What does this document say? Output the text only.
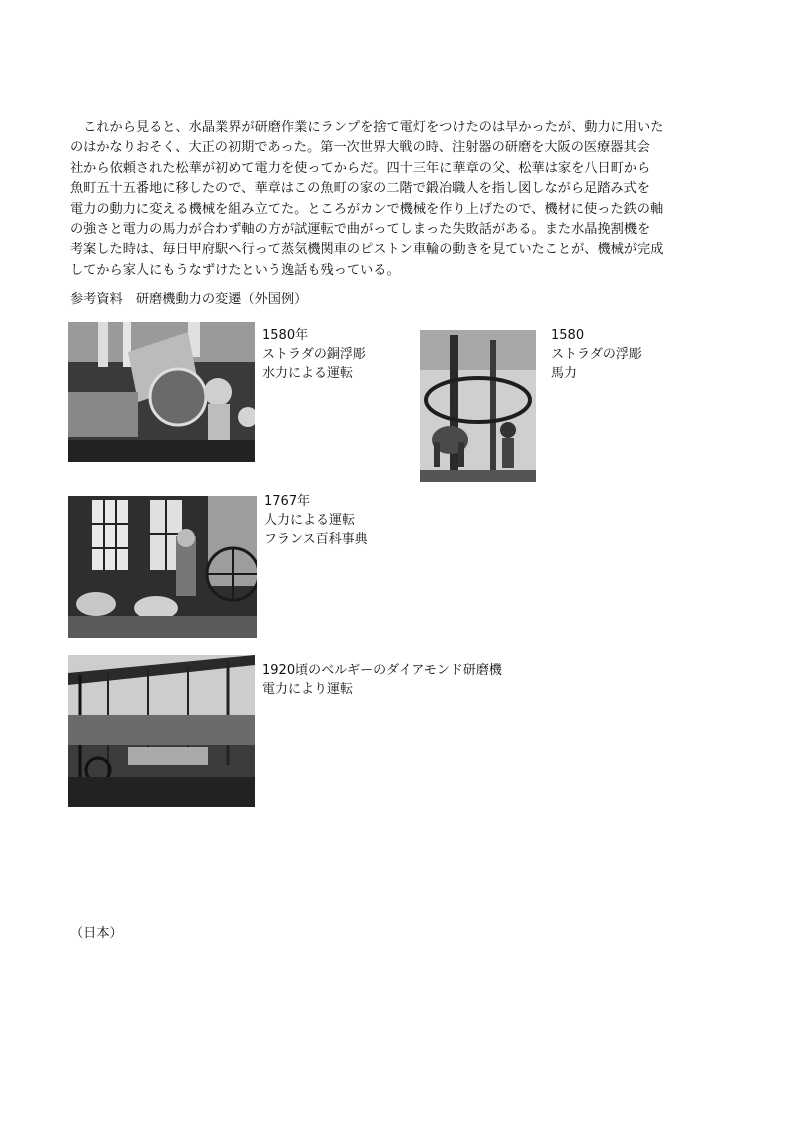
　これから見ると、水晶業界が研磨作業にランプを捨て電灯をつけたのは早かったが、動力に用いた
のはかなりおそく、大正の初期であった。第一次世界大戦の時、注射器の研磨を大阪の医療器其会
社から依頼された松華が初めて電力を使ってからだ。四十三年に華章の父、松華は家を八日町から
魚町五十五番地に移したので、華章はこの魚町の家の二階で鍛冶職人を指し図しながら足踏み式を
電力の動力に変える機械を組み立てた。ところがカンで機械を作り上げたので、機材に使った鉄の軸
の強さと電力の馬力が合わず軸の方が試運転で曲がってしまった失敗話がある。また水晶挽割機を
考案した時は、毎日甲府駅へ行って蒸気機関車のピストン車輪の動きを見ていたことが、機械が完成
してから家人にもうなずけたという逸話も残っている。
参考資料　研磨機動力の変遷（外国例）
1580年
ストラダの銅浮彫
水力による運転
1580
ストラダの浮彫
馬力
1767年
人力による運転
フランス百科事典
1920頃のベルギーのダイアモンド研磨機
電力により運転
（日本）
